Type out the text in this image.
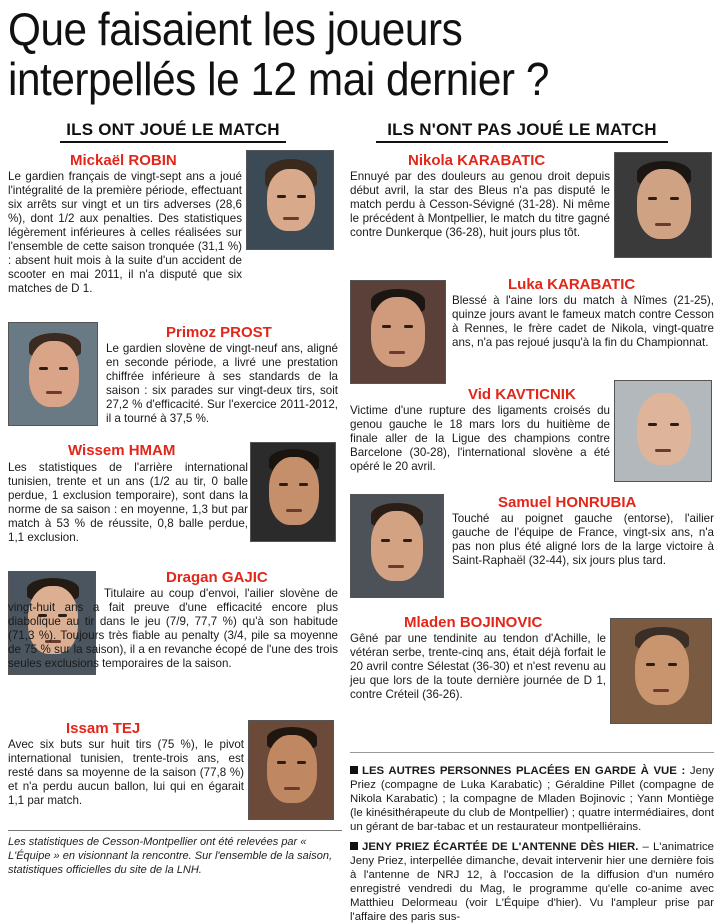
Que faisaient les joueurs
interpellés le 12 mai dernier ?
ILS ONT JOUÉ LE MATCH	ILS N'ONT PAS JOUÉ LE MATCH
Mickaël ROBIN
Le gardien français de vingt-sept ans a joué l'intégralité de la première période, effectuant six arrêts sur vingt et un tirs adverses (28,6 %), dont 1/2 aux penalties. Des statistiques légèrement inférieures à celles réalisées sur l'ensemble de cette saison tronquée (31,1 %) : absent huit mois à la suite d'un accident de scooter en mai 2011, il n'a disputé que six matches de D 1.
Primoz PROST
Le gardien slovène de vingt-neuf ans, aligné en seconde période, a livré une prestation chiffrée inférieure à ses standards de la saison : six parades sur vingt-deux tirs, soit 27,2 % d'efficacité. Sur l'exercice 2011-2012, il a tourné à 37,5 %.
Wissem HMAM
Les statistiques de l'arrière international tunisien, trente et un ans (1/2 au tir, 0 balle perdue, 1 exclusion temporaire), sont dans la norme de sa saison : en moyenne, 1,3 but par match à 53 % de réussite, 0,8 balle perdue, 1,1 exclusion.
Dragan GAJIC
Titulaire au coup d'envoi, l'ailier slovène de vingt-huit ans a fait preuve d'une efficacité encore plus diabolique au tir dans le jeu (7/9, 77,7 %) qu'à son habitude (71,3 %). Toujours très fiable au penalty (3/4, pile sa moyenne de 75 % sur la saison), il a en revanche écopé de l'une des trois seules exclusions temporaires de la saison.
Issam TEJ
Avec six buts sur huit tirs (75 %), le pivot international tunisien, trente-trois ans, est resté dans sa moyenne de la saison (77,8 %) et n'a perdu aucun ballon, lui qui en égarait 1,1 par match.
Les statistiques de Cesson-Montpellier ont été relevées par « L'Équipe » en visionnant la rencontre. Sur l'ensemble de la saison, statistiques officielles du site de la LNH.
Nikola KARABATIC
Ennuyé par des douleurs au genou droit depuis début avril, la star des Bleus n'a pas disputé le match perdu à Cesson-Sévigné (31-28). Ni même le précédent à Montpellier, le match du titre gagné contre Dunkerque (36-28), huit jours plus tôt.
Luka KARABATIC
Blessé à l'aine lors du match à Nîmes (21-25), quinze jours avant le fameux match contre Cesson à Rennes, le frère cadet de Nikola, vingt-quatre ans, n'a pas rejoué jusqu'à la fin du Championnat.
Vid KAVTICNIK
Victime d'une rupture des ligaments croisés du genou gauche le 18 mars lors du huitième de finale aller de la Ligue des champions contre Barcelone (30-28), l'international slovène a été opéré le 20 avril.
Samuel HONRUBIA
Touché au poignet gauche (entorse), l'ailier gauche de l'équipe de France, vingt-six ans, n'a pas non plus été aligné lors de la large victoire à Saint-Raphaël (32-44), six jours plus tard.
Mladen BOJINOVIC
Gêné par une tendinite au tendon d'Achille, le vétéran serbe, trente-cinq ans, était déjà forfait le 20 avril contre Sélestat (36-30) et n'est revenu au jeu que lors de la toute dernière journée de D 1, contre Créteil (36-26).
LES AUTRES PERSONNES PLACÉES EN GARDE À VUE : Jeny Priez (compagne de Luka Karabatic) ; Géraldine Pillet (compagne de Nikola Karabatic) ; la compagne de Mladen Bojinovic ; Yann Montiège (le kinésithérapeute du club de Montpellier) ; quatre intermédiaires, dont un gérant de bar-tabac et un restaurateur montpelliérains.
JENY PRIEZ ÉCARTÉE DE L'ANTENNE DÈS HIER. – L'animatrice Jeny Priez, interpellée dimanche, devait intervenir hier une dernière fois à l'antenne de NRJ 12, à l'occasion de la diffusion d'un numéro enregistré vendredi du Mag, le programme qu'elle co-anime avec Matthieu Delormeau (voir L'Équipe d'hier). Vu l'ampleur prise par l'affaire des paris sus-
